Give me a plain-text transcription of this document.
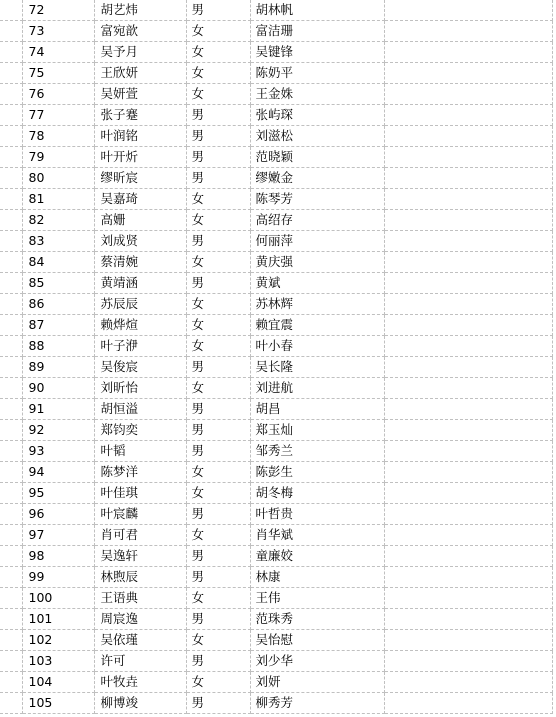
	72	胡艺炜	男	胡林帆	
	73	富宛歆	女	富洁珊	
	74	吴予月	女	吴键锋	
	75	王欣妍	女	陈奶平	
	76	吴妍萱	女	王金姝	
	77	张子蹇	男	张屿琛	
	78	叶润铭	男	刘滋松	
	79	叶开炘	男	范晓颖	
	80	缪昕宸	男	缪嫩金	
	81	吴嘉琦	女	陈琴芳	
	82	高姗	女	高绍存	
	83	刘成贤	男	何丽萍	
	84	蔡清婉	女	黄庆强	
	85	黄靖涵	男	黄斌	
	86	苏辰辰	女	苏林辉	
	87	赖烨煊	女	赖宜震	
	88	叶子洢	女	叶小春	
	89	吴俊宸	男	吴长隆	
	90	刘昕怡	女	刘进航	
	91	胡恒溢	男	胡昌	
	92	郑钧奕	男	郑玉灿	
	93	叶韬	男	邹秀兰	
	94	陈梦洋	女	陈彭生	
	95	叶佳琪	女	胡冬梅	
	96	叶宸麟	男	叶哲贵	
	97	肖可君	女	肖华斌	
	98	吴逸轩	男	童廉姣	
	99	林煦辰	男	林康	
	100	王语典	女	王伟	
	101	周宸逸	男	范珠秀	
	102	吴依瑾	女	吴怡慰	
	103	许可	男	刘少华	
	104	叶牧垚	女	刘妍	
	105	柳博竣	男	柳秀芳	
